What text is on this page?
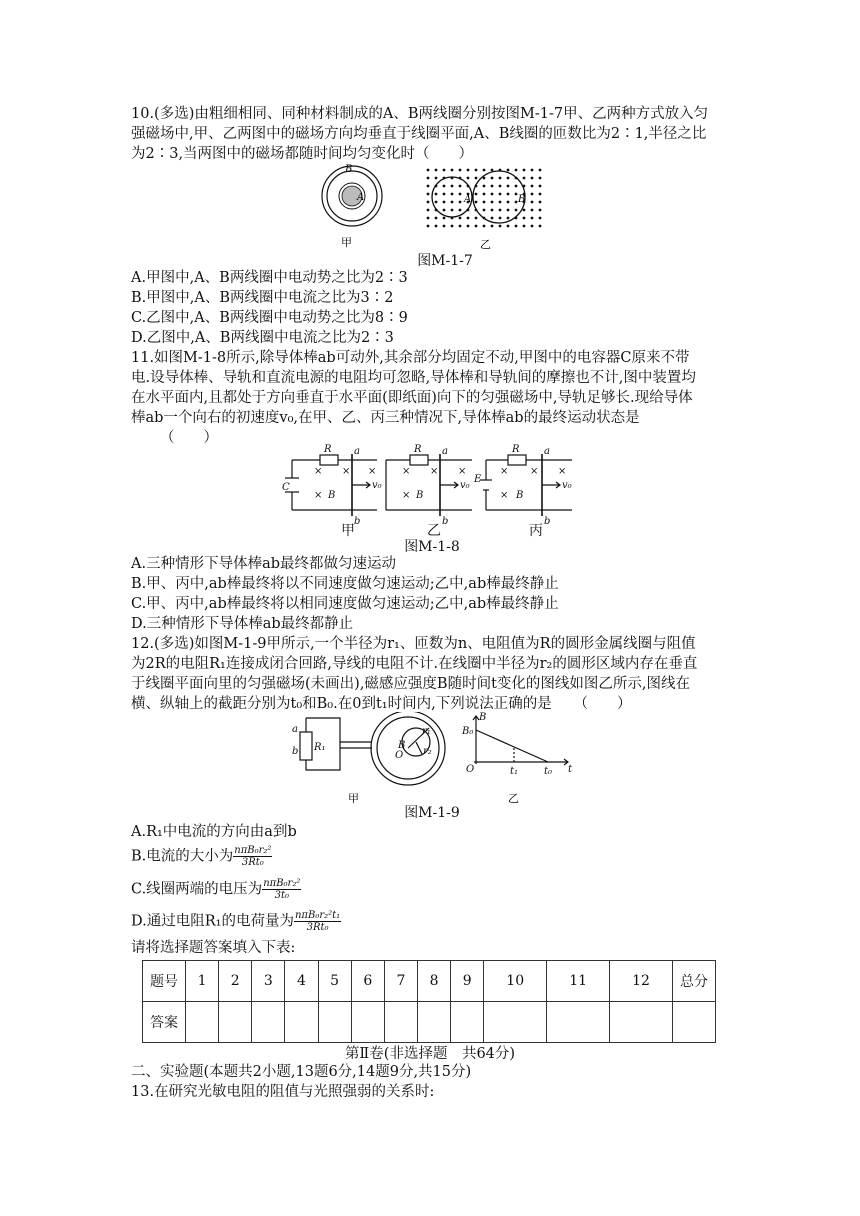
10.(多选)由粗细相同、同种材料制成的A、B两线圈分别按图M-1-7甲、乙两种方式放入匀
强磁场中,甲、乙两图中的磁场方向均垂直于线圈平面,A、B线圈的匝数比为2∶1,半径之比
为2∶3,当两图中的磁场都随时间均匀变化时（　　）
B
A	A	B
甲	乙
图M-1-7
A.甲图中,A、B两线圈中电动势之比为2∶3
B.甲图中,A、B两线圈中电流之比为3∶2
C.乙图中,A、B两线圈中电动势之比为8∶9
D.乙图中,A、B两线圈中电流之比为2∶3
11.如图M-1-8所示,除导体棒ab可动外,其余部分均固定不动,甲图中的电容器C原来不带
电.设导体棒、导轨和直流电源的电阻均可忽略,导体棒和导轨间的摩擦也不计,图中装置均
在水平面内,且都处于方向垂直于水平面(即纸面)向下的匀强磁场中,导轨足够长.现给导体
棒ab一个向右的初速度v₀,在甲、乙、丙三种情况下,导体棒ab的最终运动状态是
（　　）
R a
b
C
B
v₀
R a
b
B
v₀
E
R a
b
B
v₀
× × ×
×
× × ×
×
× × ×
×
甲	乙	丙
图M-1-8
A.三种情形下导体棒ab最终都做匀速运动
B.甲、丙中,ab棒最终将以不同速度做匀速运动;乙中,ab棒最终静止
C.甲、丙中,ab棒最终将以相同速度做匀速运动;乙中,ab棒最终静止
D.三种情形下导体棒ab最终都静止
12.(多选)如图M-1-9甲所示,一个半径为r₁、匝数为n、电阻值为R的圆形金属线圈与阻值
为2R的电阻R₁连接成闭合回路,导线的电阻不计.在线圈中半径为r₂的圆形区域内存在垂直
于线圈平面向里的匀强磁场(未画出),磁感应强度B随时间t变化的图线如图乙所示,图线在
横、纵轴上的截距分别为t₀和B₀.在0到t₁时间内,下列说法正确的是　　（　　）
a
b R₁	B
O
r₁
r₂
B
B₀
O	t₁	t₀ t
甲	乙
图M-1-9
A.R₁中电流的方向由a到b
B.电流的大小为 $\frac{\text{nπB₀r₂²}}{\text{3Rt₀}}$
C.线圈两端的电压为 $\frac{\text{nπB₀r₂²}}{\text{3t₀}}$
D.通过电阻R₁的电荷量为 $\frac{\text{nπB₀r₂²t₁}}{\text{3Rt₀}}$
请将选择题答案填入下表:
题号	1	2	3	4	5	6	7	8	9	10	11	12	总分
答案													
第Ⅱ卷(非选择题　共64分)
二、实验题(本题共2小题,13题6分,14题9分,共15分)
13.在研究光敏电阻的阻值与光照强弱的关系时:
